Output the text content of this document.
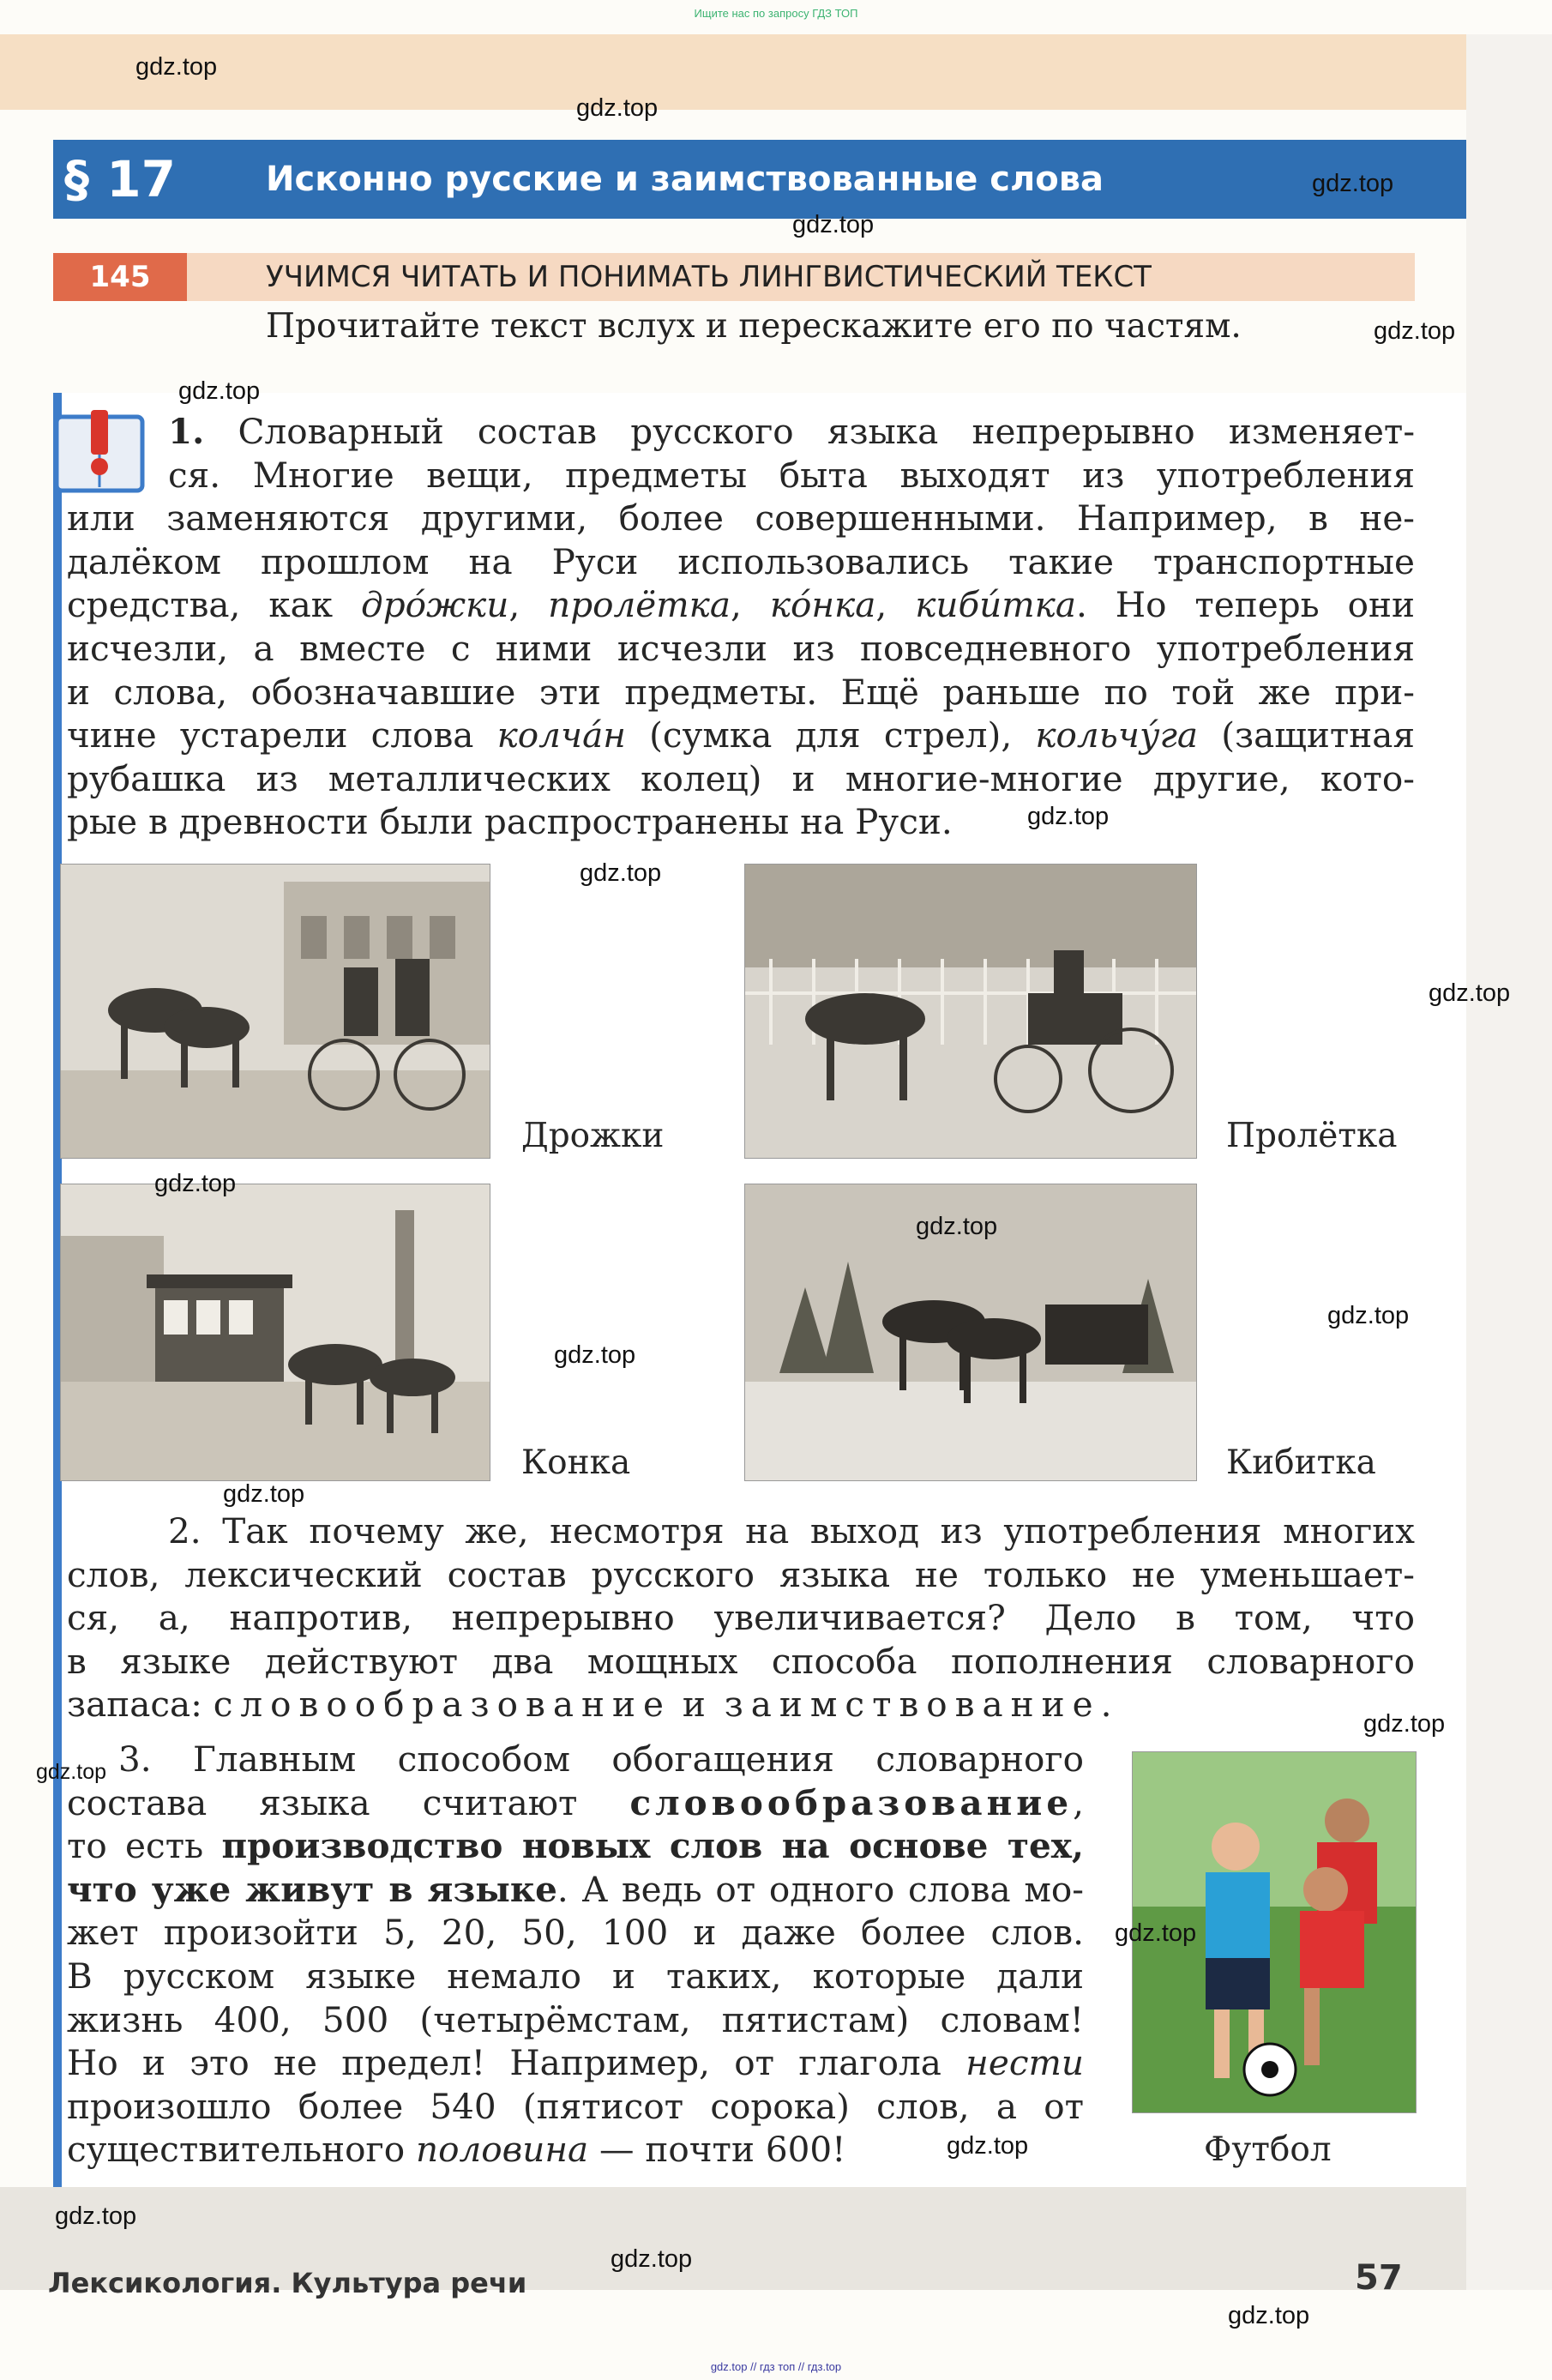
Ищите нас по запросу ГДЗ ТОП
§ 17	Исконно русские и заимствованные слова
145	УЧИМСЯ ЧИТАТЬ И ПОНИМАТЬ ЛИНГВИСТИЧЕСКИЙ ТЕКСТ
Прочитайте текст вслух и перескажите его по частям.

1. Словарный состав русского языка непрерывно изменяет-
ся. Многие вещи, предметы быта выходят из употребления
или заменяются другими, более совершенными. Например, в не-
далёком прошлом на Руси использовались такие транспортные
средства, как дро́жки, пролётка, ко́нка, киби́тка. Но теперь они
исчезли, а вместе с ними исчезли из повседневного употребления
и слова, обозначавшие эти предметы. Ещё раньше по той же при-
чине устарели слова колча́н (сумка для стрел), кольчу́га (защитная
рубашка из металлических колец) и многие-многие другие, кото-
рые в древности были распространены на Руси.

Дрожки	Пролётка
Конка	Кибитка

2. Так почему же, несмотря на выход из употребления многих
слов, лексический состав русского языка не только не уменьшает-
ся, а, напротив, непрерывно увеличивается? Дело в том, что
в языке действуют два мощных способа пополнения словарного
запаса: словообразование и заимствование.

3. Главным способом обогащения словарного
состава языка считают словообразование,
то есть производство новых слов на основе тех,
что уже живут в языке. А ведь от одного слова мо-
жет произойти 5, 20, 50, 100 и даже более слов.
В русском языке немало и таких, которые дали
жизнь 400, 500 (четырёмстам, пятистам) словам!
Но и это не предел! Например, от глагола нести
произошло более 540 (пятисот сорока) слов, а от
существительного половина — почти 600!	Футбол
Лексикология. Культура речи	57
gdz.top // гдз топ // гдз.top
gdz.top
gdz.top
gdz.top
gdz.top
gdz.top
gdz.top
gdz.top
gdz.top
gdz.top
gdz.top
gdz.top
gdz.top
gdz.top
gdz.top
gdz.top
gdz.top
gdz.top
gdz.top
gdz.top
gdz.top
gdz.top
